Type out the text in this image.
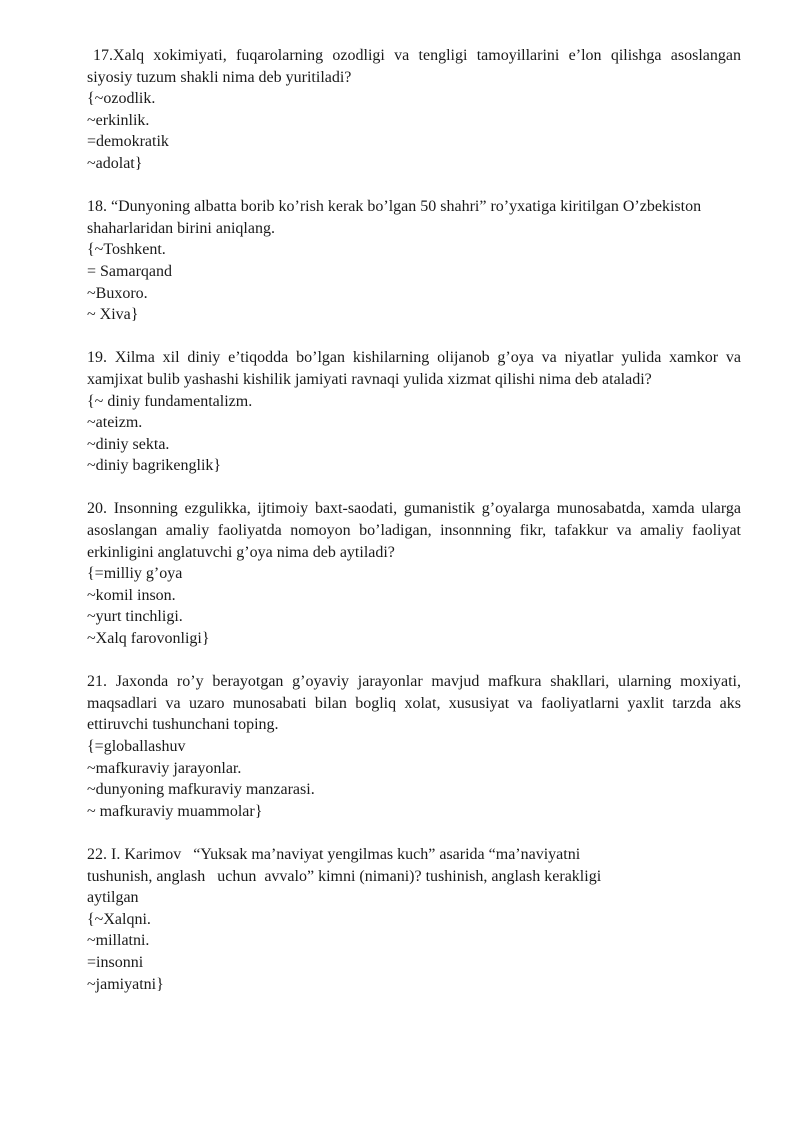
17.Xalq xokimiyati, fuqarolarning ozodligi va tengligi tamoyillarini e’lon qilishga asoslangan siyosiy tuzum shakli nima deb yuritiladi?

{~ozodlik.

~erkinlik.

=demokratik

~adolat}

18. “Dunyoning albatta borib ko’rish kerak bo’lgan 50 shahri” ro’yxatiga kiritilgan O’zbekiston shaharlaridan birini aniqlang.

{~Toshkent.

= Samarqand

~Buxoro.

~ Xiva}

19. Xilma xil diniy e’tiqodda bo’lgan kishilarning olijanob g’oya va niyatlar yulida xamkor va xamjixat bulib yashashi kishilik jamiyati ravnaqi yulida xizmat qilishi nima deb ataladi?

{~ diniy fundamentalizm.

~ateizm.

~diniy sekta.

~diniy bagrikenglik}

20. Insonning ezgulikka, ijtimoiy baxt-saodati, gumanistik g’oyalarga munosabatda, xamda ularga asoslangan amaliy faoliyatda nomoyon bo’ladigan, insonnning fikr, tafakkur va amaliy faoliyat erkinligini anglatuvchi g’oya nima deb aytiladi?

{=milliy g’oya

~komil inson.

~yurt tinchligi.

~Xalq farovonligi}

21. Jaxonda ro’y berayotgan g’oyaviy jarayonlar mavjud mafkura shakllari, ularning moxiyati, maqsadlari va uzaro munosabati bilan bogliq xolat, xususiyat va faoliyatlarni yaxlit tarzda aks ettiruvchi tushunchani toping.

{=globallashuv

~mafkuraviy jarayonlar.

~dunyoning mafkuraviy manzarasi.

~ mafkuraviy muammolar}

22. I. Karimov   “Yuksak ma’naviyat yengilmas kuch” asarida “ma’naviyatni

tushunish, anglash   uchun  avvalo” kimni (nimani)? tushinish, anglash kerakligi

aytilgan

{~Xalqni.

~millatni.

=insonni

~jamiyatni}
